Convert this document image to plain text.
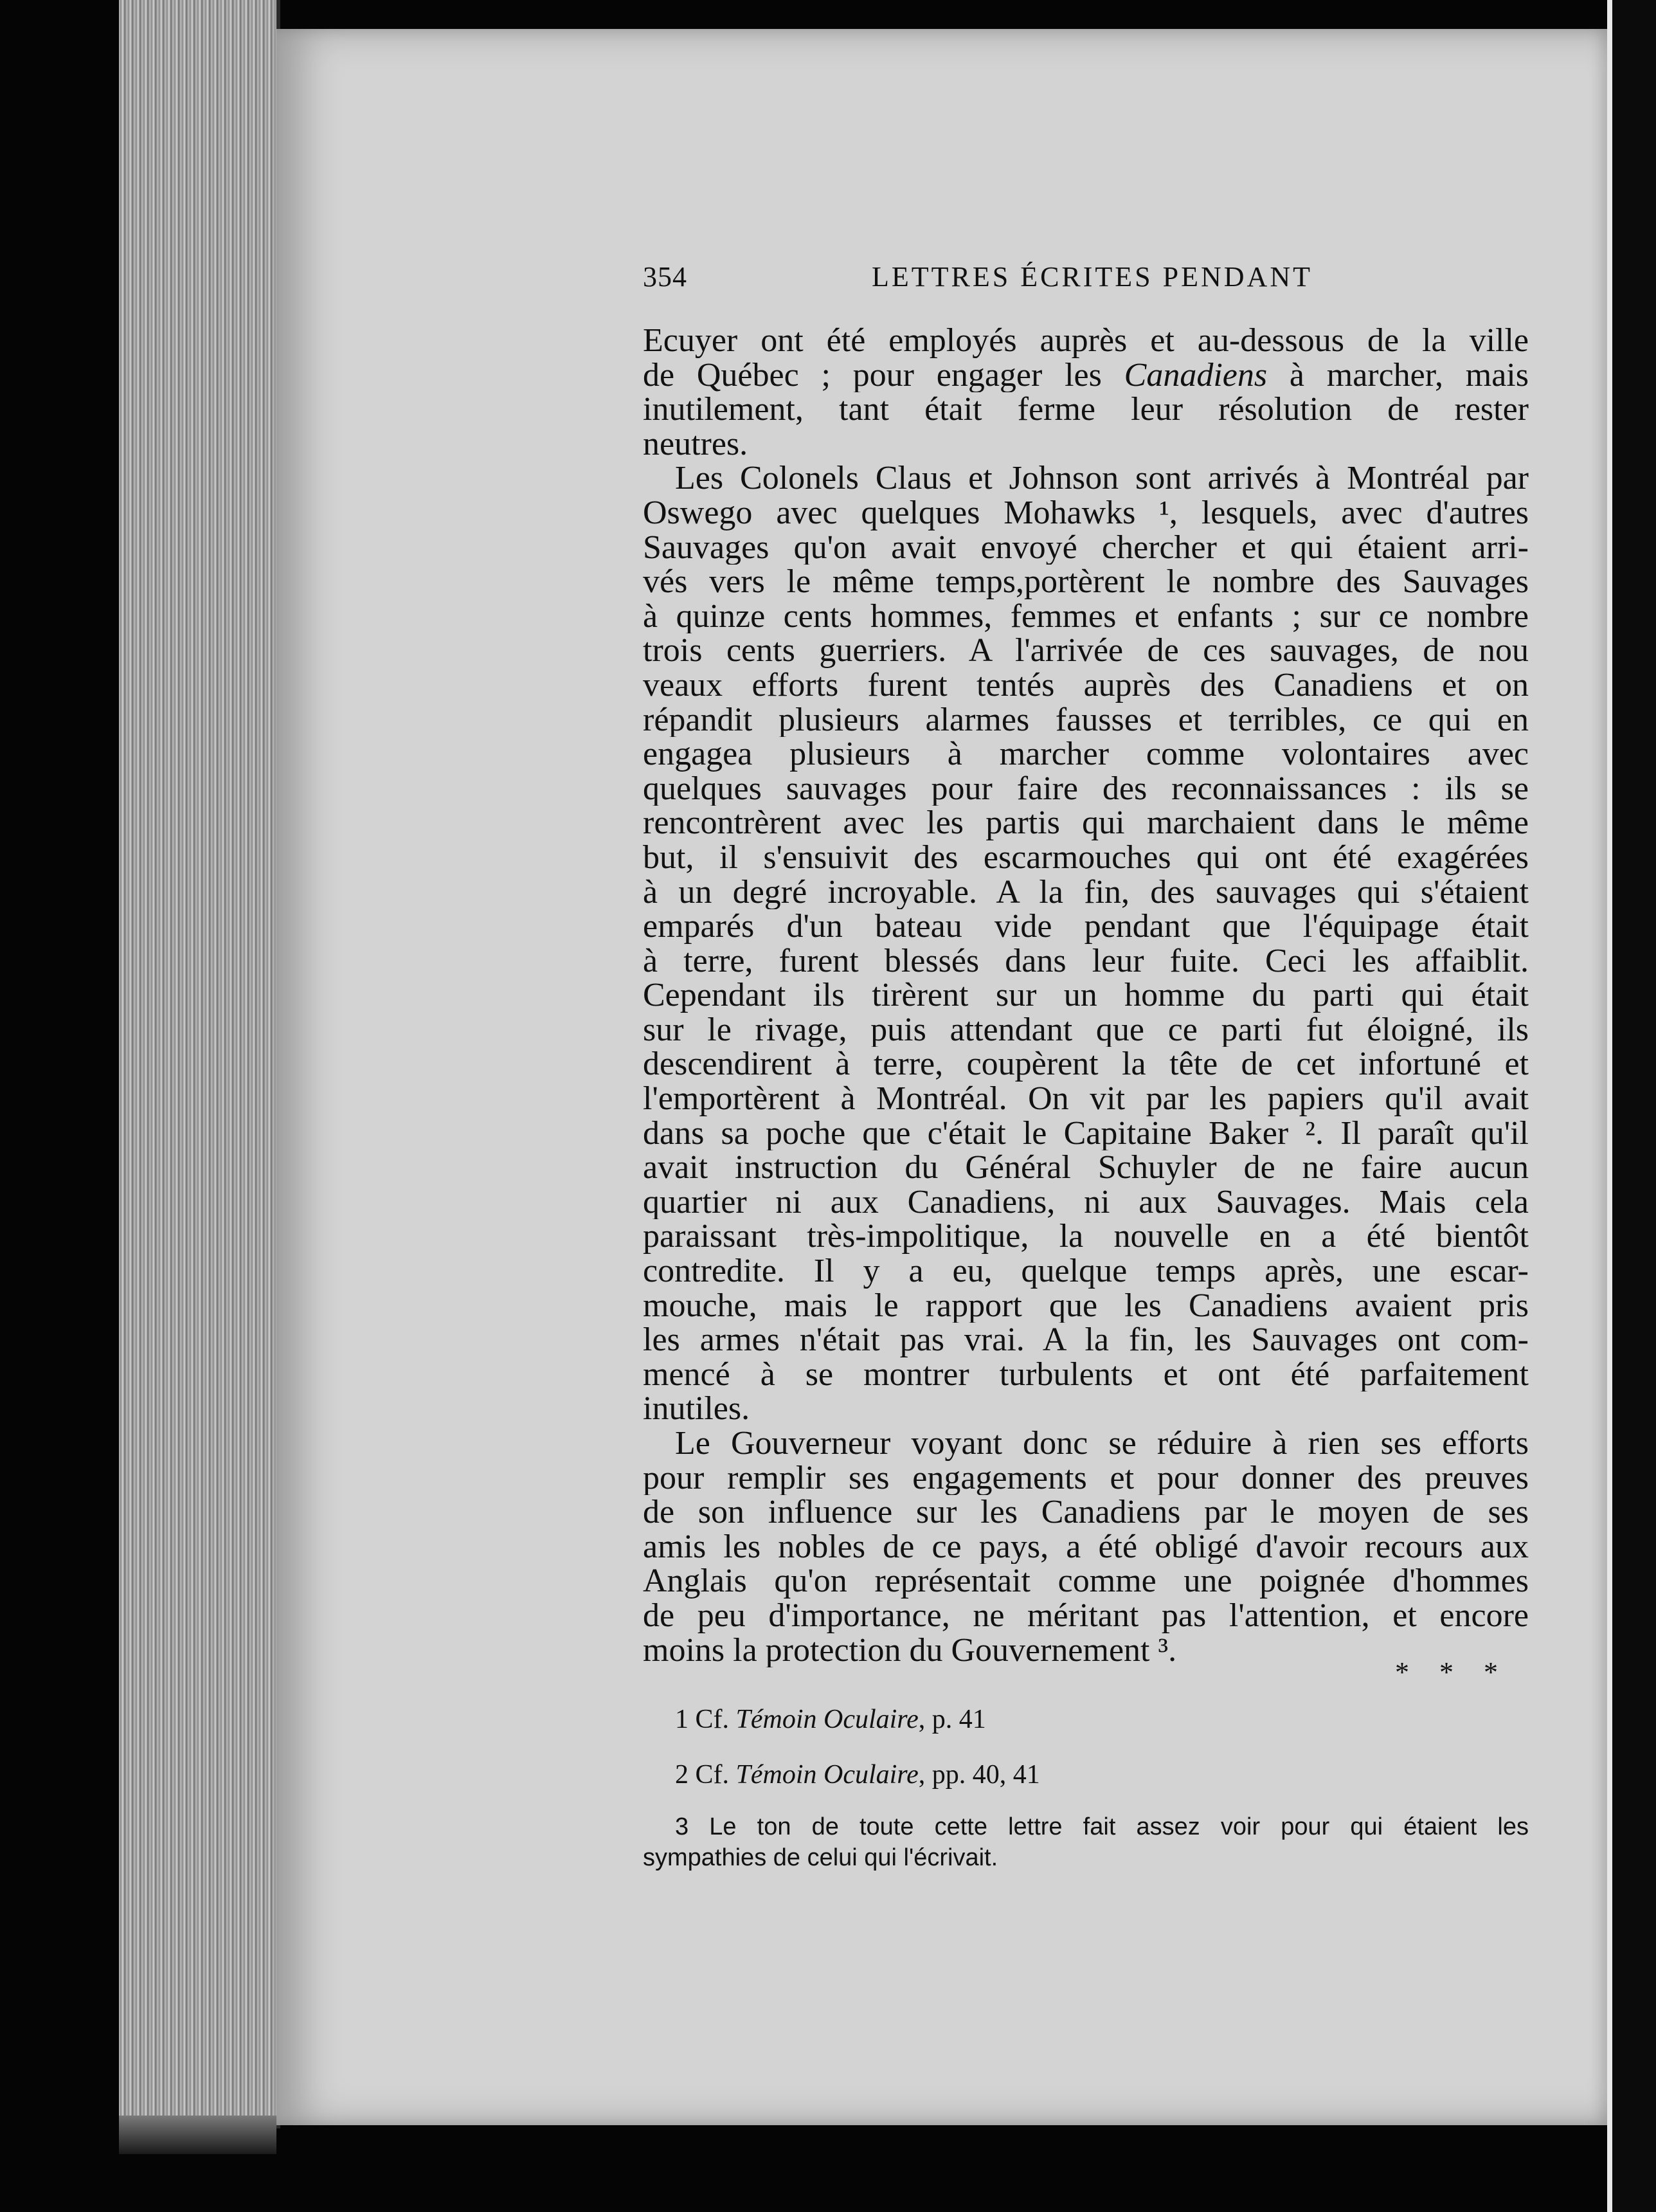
354	LETTRES ÉCRITES PENDANT
Ecuyer ont été employés auprès et au-dessous de la ville
de Québec ; pour engager les Canadiens à marcher, mais
inutilement, tant était ferme leur résolution de rester
neutres.
Les Colonels Claus et Johnson sont arrivés à Montréal par
Oswego avec quelques Mohawks ¹, lesquels, avec d'autres
Sauvages qu'on avait envoyé chercher et qui étaient arri-
vés vers le même temps,portèrent le nombre des Sauvages
à quinze cents hommes, femmes et enfants ; sur ce nombre
trois cents guerriers. A l'arrivée de ces sauvages, de nou
veaux efforts furent tentés auprès des Canadiens et on
répandit plusieurs alarmes fausses et terribles, ce qui en
engagea plusieurs à marcher comme volontaires avec
quelques sauvages pour faire des reconnaissances : ils se
rencontrèrent avec les partis qui marchaient dans le même
but, il s'ensuivit des escarmouches qui ont été exagérées
à un degré incroyable. A la fin, des sauvages qui s'étaient
emparés d'un bateau vide pendant que l'équipage était
à terre, furent blessés dans leur fuite. Ceci les affaiblit.
Cependant ils tirèrent sur un homme du parti qui était
sur le rivage, puis attendant que ce parti fut éloigné, ils
descendirent à terre, coupèrent la tête de cet infortuné et
l'emportèrent à Montréal. On vit par les papiers qu'il avait
dans sa poche que c'était le Capitaine Baker ². Il paraît qu'il
avait instruction du Général Schuyler de ne faire aucun
quartier ni aux Canadiens, ni aux Sauvages. Mais cela
paraissant très-impolitique, la nouvelle en a été bientôt
contredite. Il y a eu, quelque temps après, une escar-
mouche, mais le rapport que les Canadiens avaient pris
les armes n'était pas vrai. A la fin, les Sauvages ont com-
mencé à se montrer turbulents et ont été parfaitement
inutiles.
Le Gouverneur voyant donc se réduire à rien ses efforts
pour remplir ses engagements et pour donner des preuves
de son influence sur les Canadiens par le moyen de ses
amis les nobles de ce pays, a été obligé d'avoir recours aux
Anglais qu'on représentait comme une poignée d'hommes
de peu d'importance, ne méritant pas l'attention, et encore
moins la protection du Gouvernement ³.
* * *
1 Cf. Témoin Oculaire, p. 41
2 Cf. Témoin Oculaire, pp. 40, 41
3 Le ton de toute cette lettre fait assez voir pour qui étaient les
sympathies de celui qui l'écrivait.
